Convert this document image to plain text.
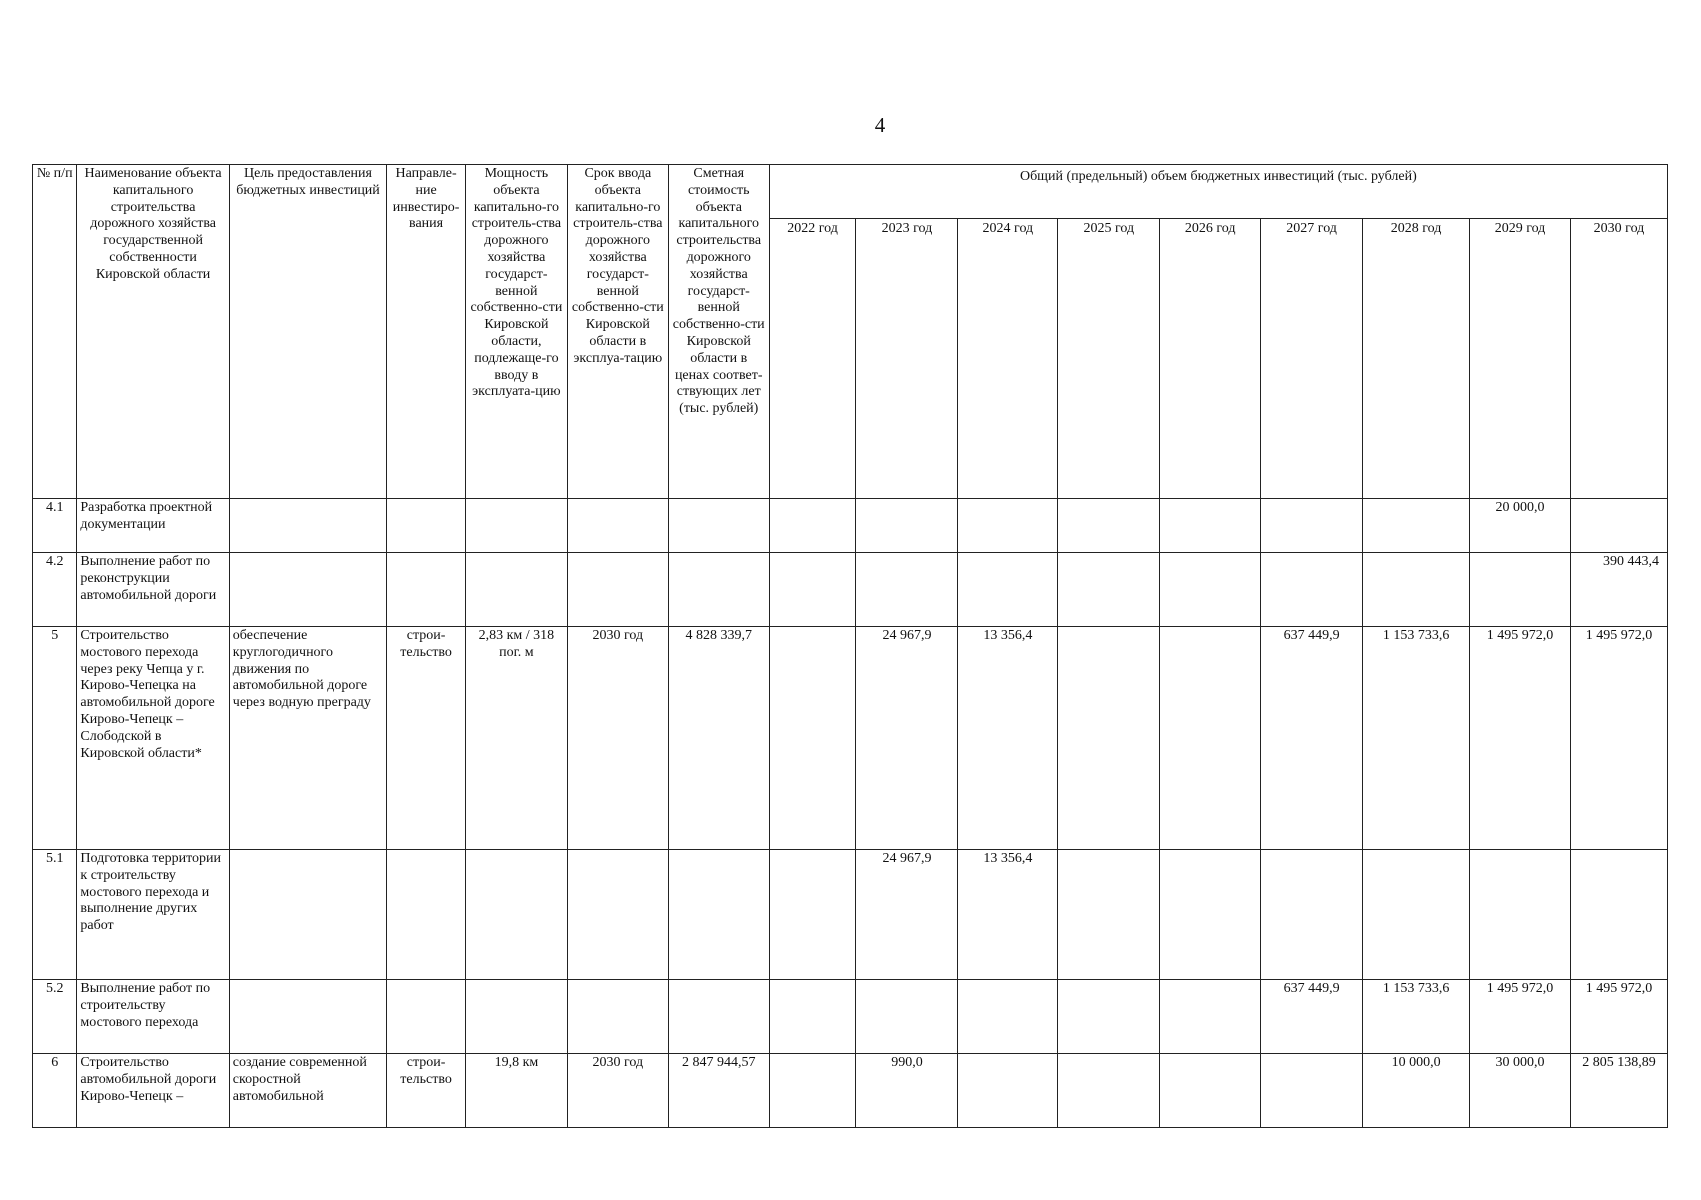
4
№ п/п	Наименование объекта капитального строительства дорожного хозяйства государственной собственности Кировской области	Цель предоставления бюджетных инвестиций	Направле-ние инвестиро-вания	Мощность объекта капитально-го строитель-ства дорожного хозяйства государст-венной собственно-сти Кировской области, подлежаще-го вводу в эксплуата-цию	Срок ввода объекта капитально-го строитель-ства дорожного хозяйства государст-венной собственно-сти Кировской области в эксплуа-тацию	Сметная стоимость объекта капитального строительства дорожного хозяйства государст-венной собственно-сти Кировской области в ценах соответ-ствующих лет (тыс. рублей)	Общий (предельный) объем бюджетных инвестиций (тыс. рублей)								
							2022 год	2023 год	2024 год	2025 год	2026 год	2027 год	2028 год	2029 год	2030 год
4.1	Разработка проектной документации													20 000,0	
4.2	Выполнение работ по реконструкции автомобильной дороги														390 443,4
5	Строительство мостового перехода через реку Чепца у г. Кирово-Чепецка на автомобильной дороге Кирово-Чепецк – Слободской в Кировской области*	обеспечение круглогодичного движения по автомобильной дороге через водную преграду	строи-тельство	2,83 км / 318 пог. м	2030 год	4 828 339,7		24 967,9	13 356,4			637 449,9	1 153 733,6	1 495 972,0	1 495 972,0
5.1	Подготовка территории к строительству мостового перехода и выполнение других работ							24 967,9	13 356,4						
5.2	Выполнение работ по строительству мостового перехода											637 449,9	1 153 733,6	1 495 972,0	1 495 972,0
6	Строительство автомобильной дороги Кирово-Чепецк –	создание современной скоростной автомобильной	строи-тельство	19,8 км	2030 год	2 847 944,57		990,0					10 000,0	30 000,0	2 805 138,89
